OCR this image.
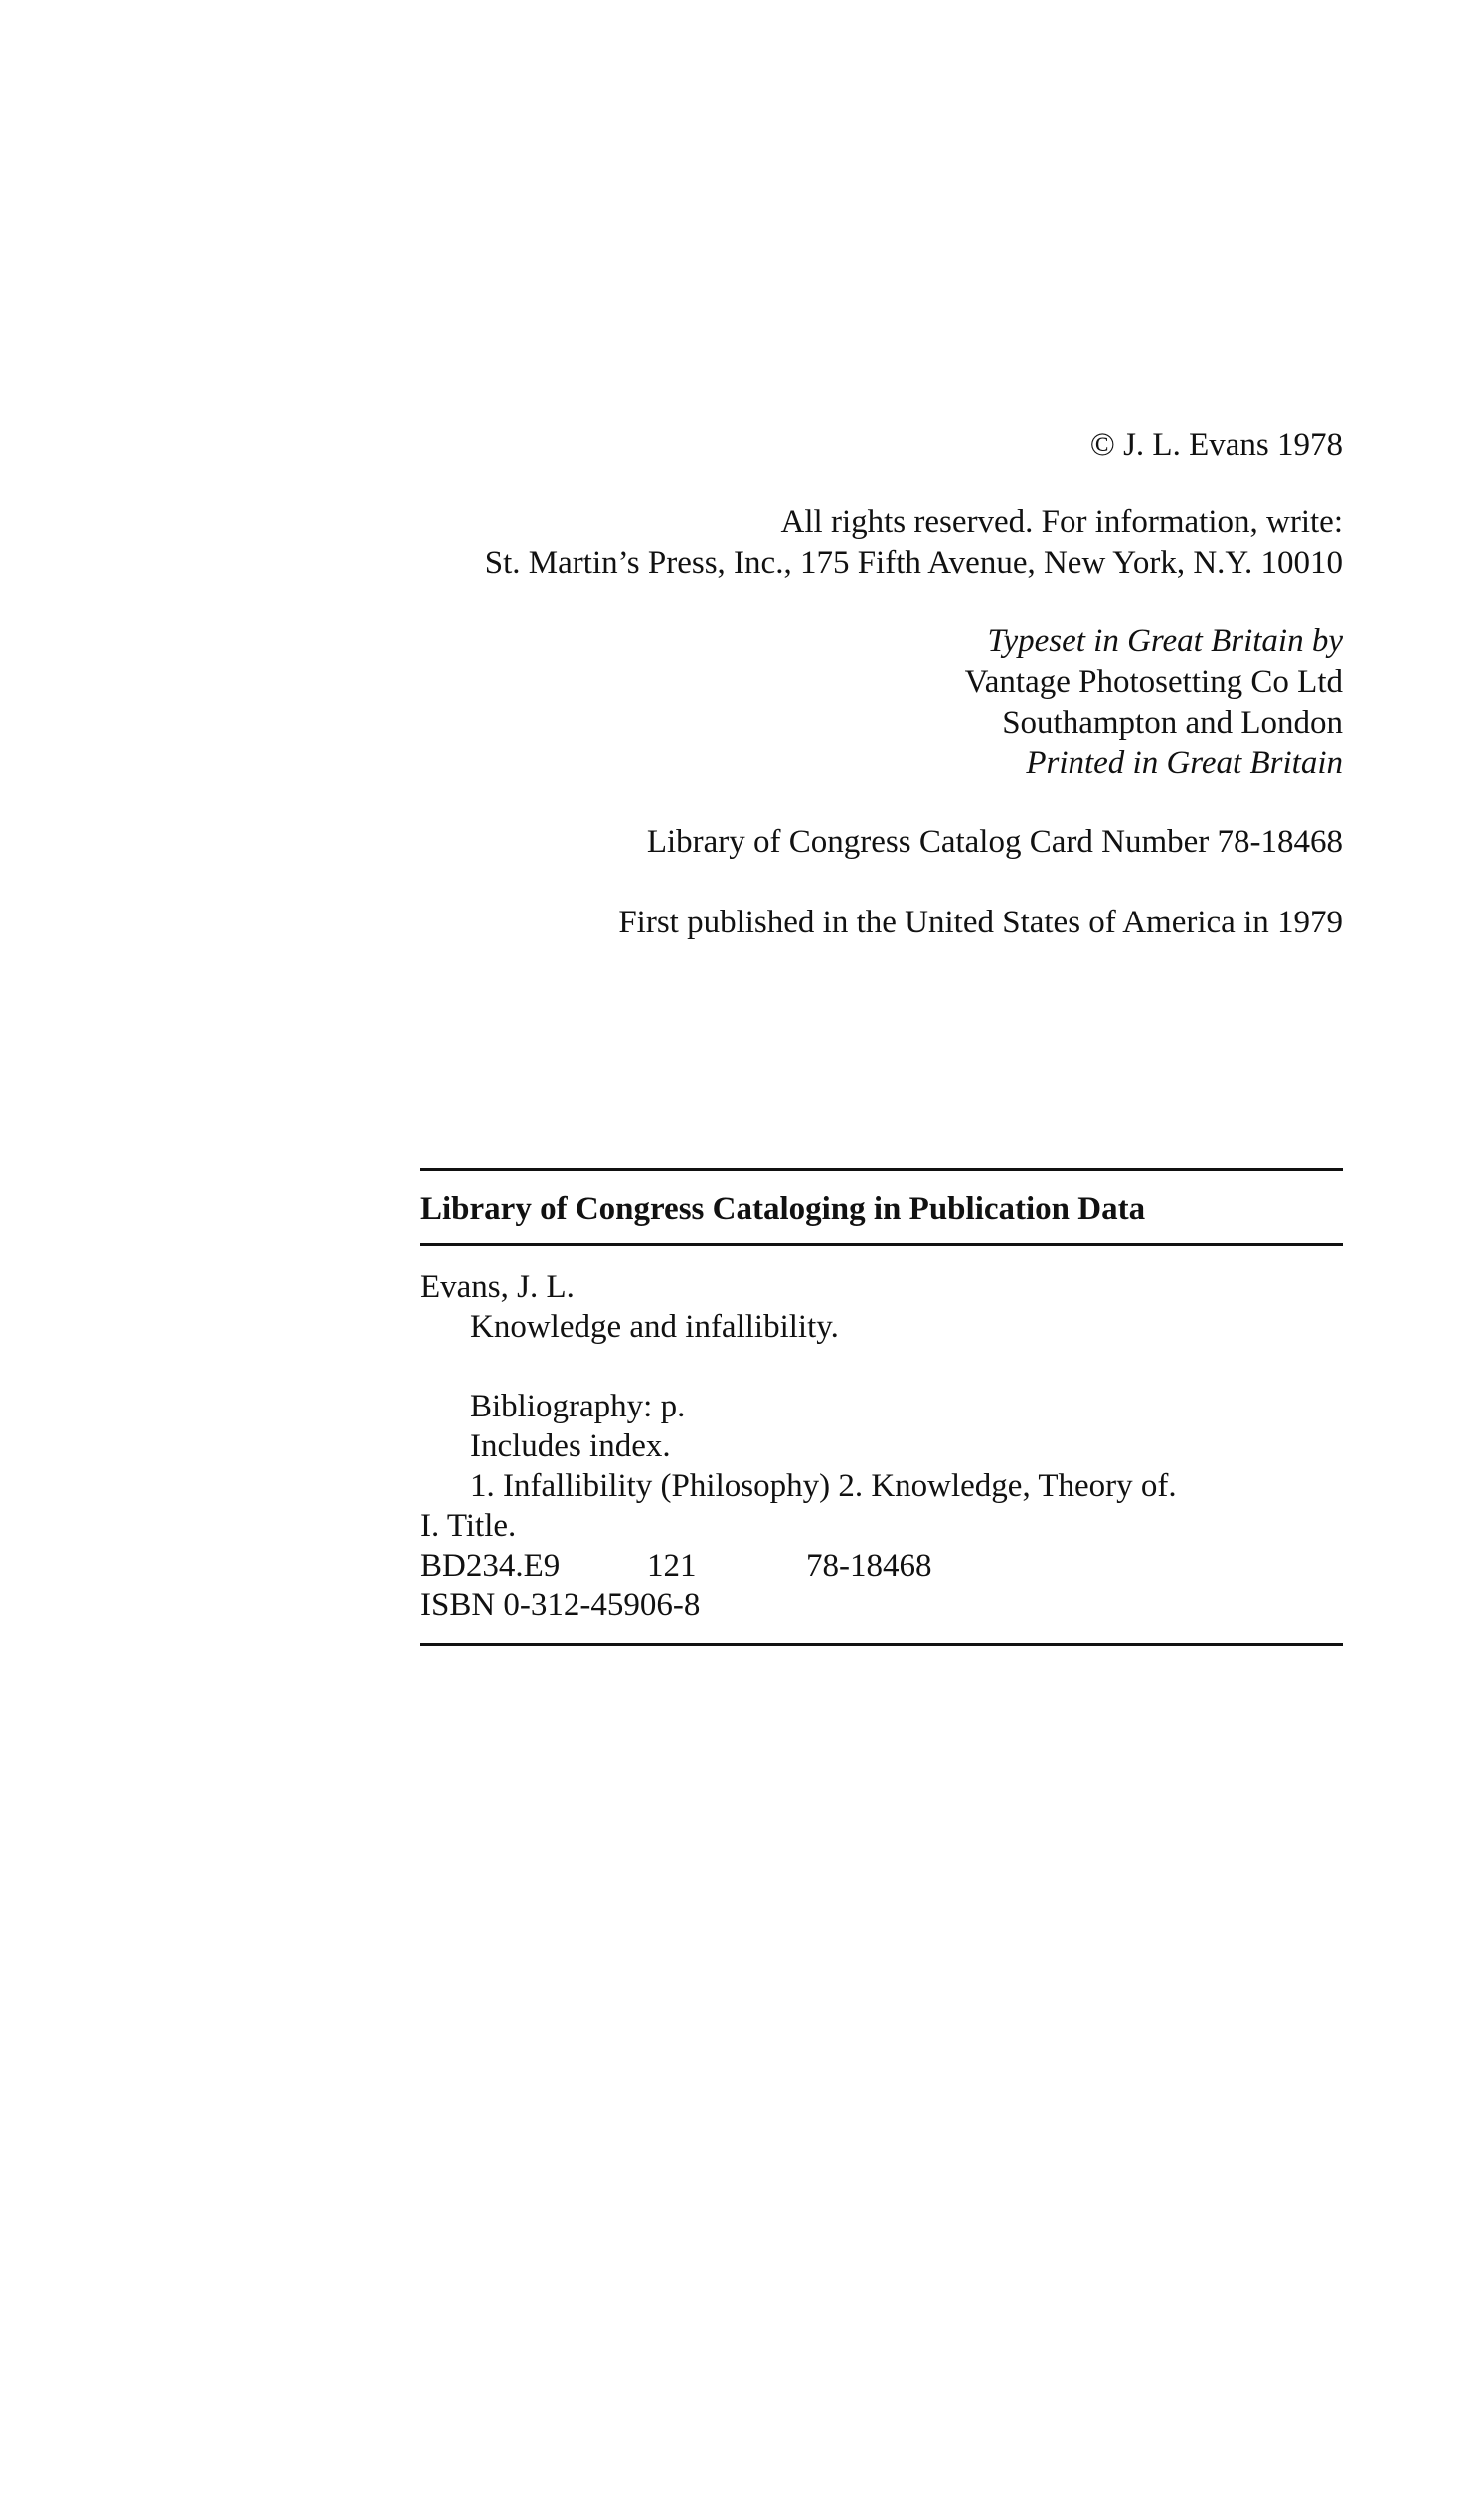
© J. L. Evans 1978
All rights reserved. For information, write:
St. Martin’s Press, Inc., 175 Fifth Avenue, New York, N.Y. 10010
Typeset in Great Britain by
Vantage Photosetting Co Ltd
Southampton and London
Printed in Great Britain
Library of Congress Catalog Card Number 78-18468
First published in the United States of America in 1979
Library of Congress Cataloging in Publication Data
Evans, J. L.
Knowledge and infallibility.
Bibliography: p.
Includes index.
1. Infallibility (Philosophy) 2. Knowledge, Theory of.
I. Title.
BD234.E9	121	78-18468
ISBN 0-312-45906-8
